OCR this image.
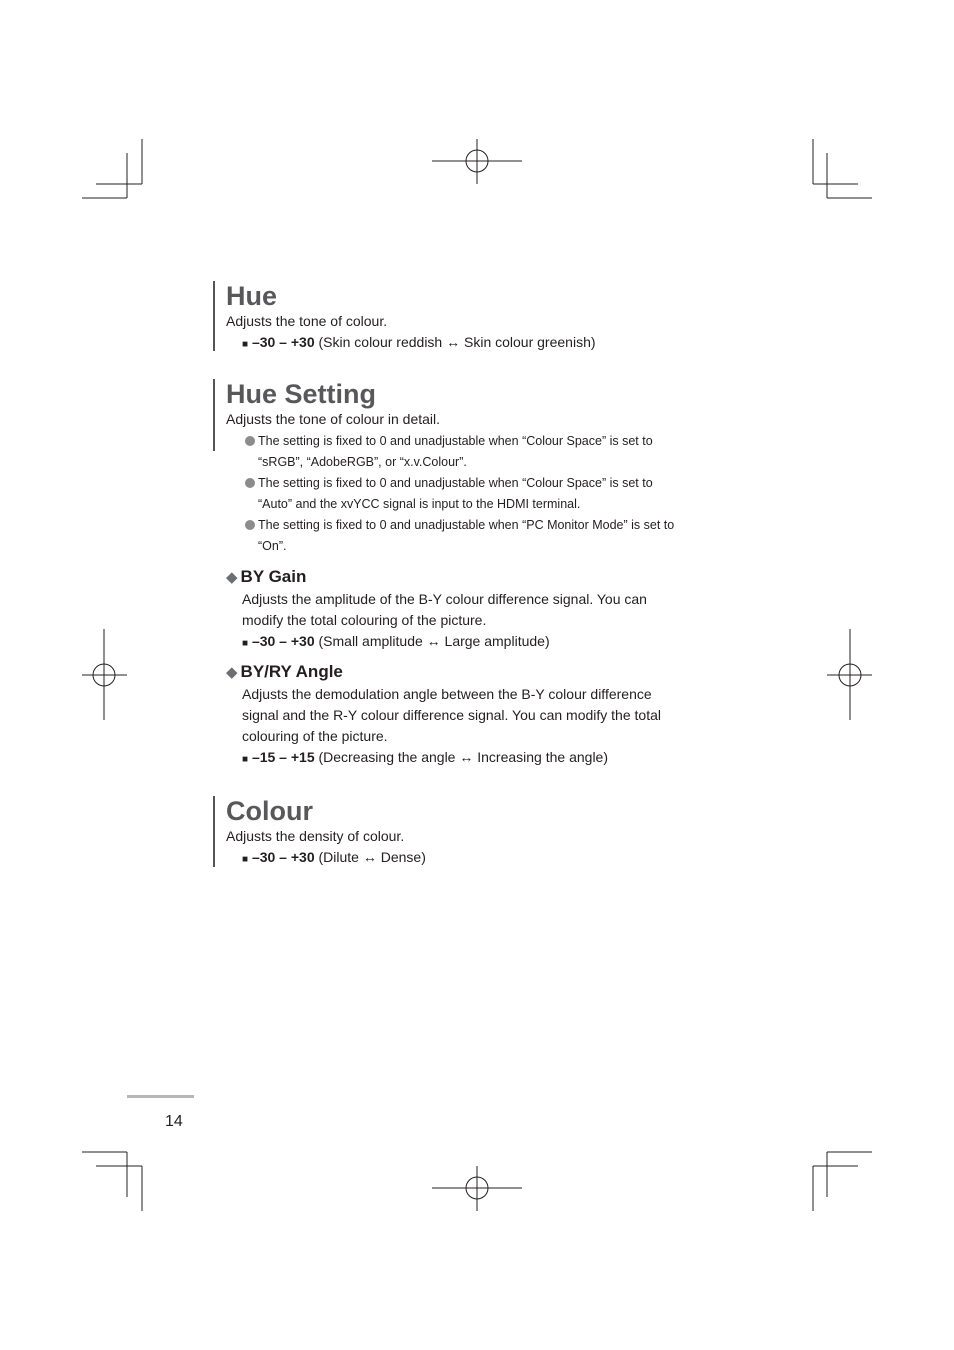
Hue

Adjusts the tone of colour.

■ –30 – +30 (Skin colour reddish ↔ Skin colour greenish)

Hue Setting

Adjusts the tone of colour in detail.

The setting is fixed to 0 and unadjustable when “Colour Space” is set to
“sRGB”, “AdobeRGB”, or “x.v.Colour”.
The setting is fixed to 0 and unadjustable when “Colour Space” is set to
“Auto” and the xvYCC signal is input to the HDMI terminal.
The setting is fixed to 0 and unadjustable when “PC Monitor Mode” is set to
“On”.
◆ BY Gain

Adjusts the amplitude of the B-Y colour difference signal. You can

modify the total colouring of the picture.

■ –30 – +30 (Small amplitude ↔ Large amplitude)

◆ BY/RY Angle

Adjusts the demodulation angle between the B-Y colour difference

signal and the R-Y colour difference signal. You can modify the total

colouring of the picture.

■ –15 – +15 (Decreasing the angle ↔ Increasing the angle)

Colour

Adjusts the density of colour.

■ –30 – +30 (Dilute ↔ Dense)

14
